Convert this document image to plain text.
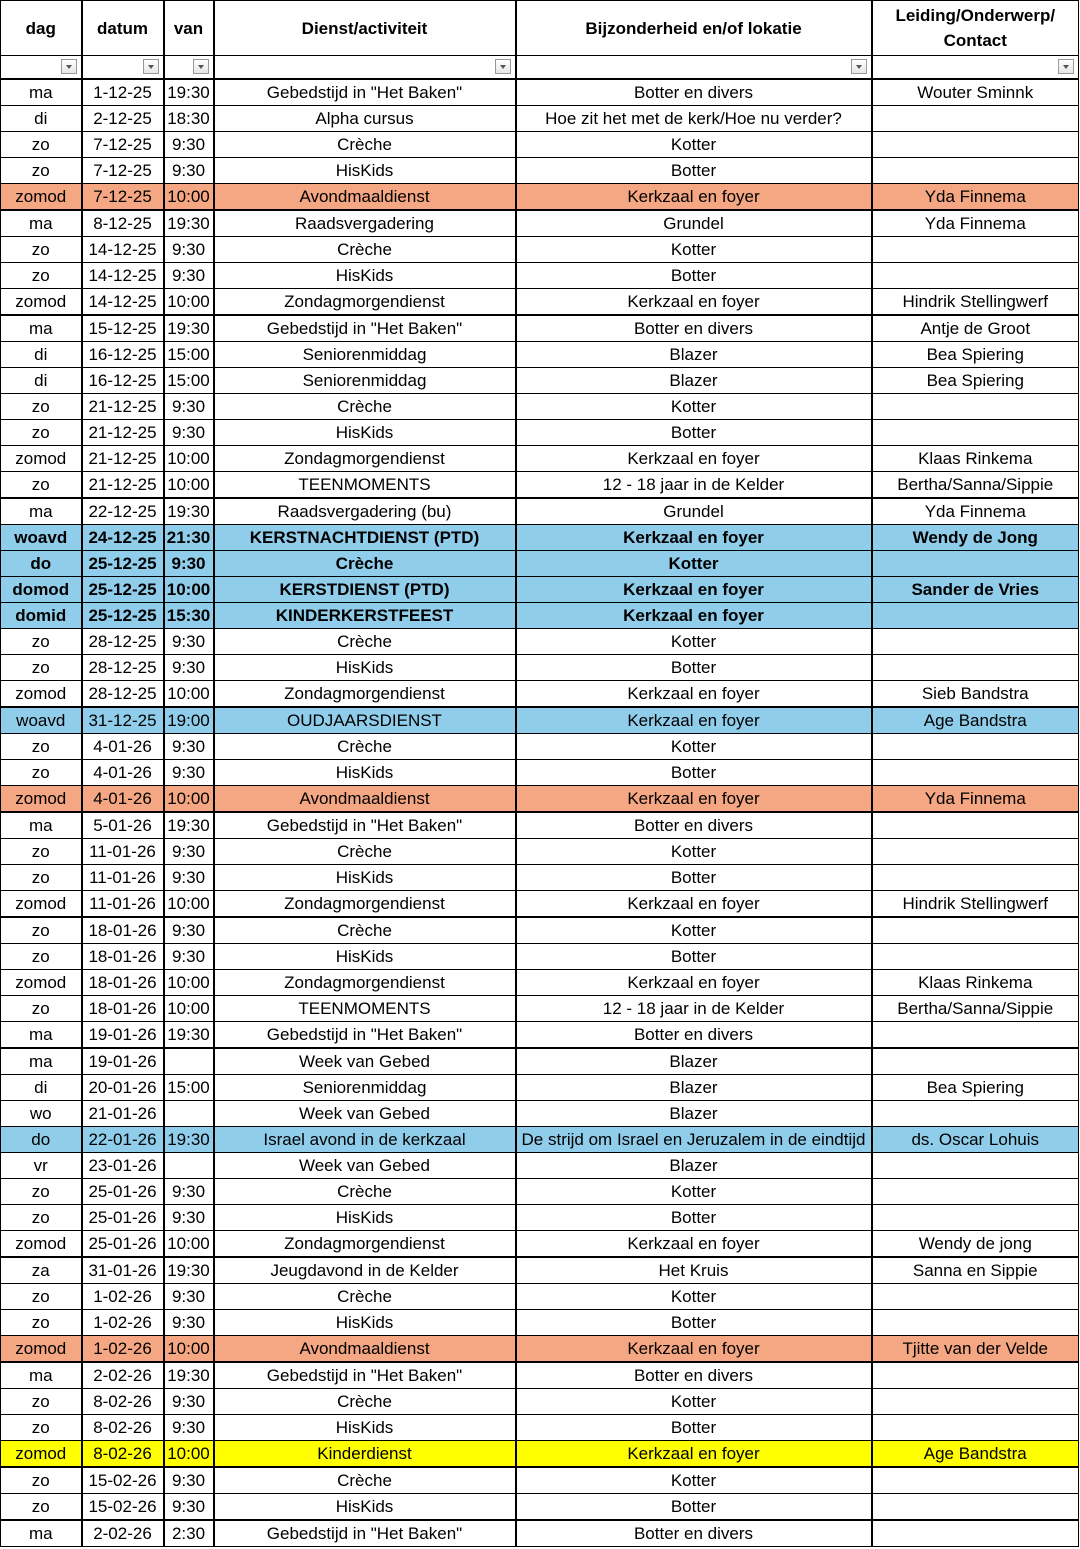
dag	datum	van	Dienst/activiteit	Bijzonderheid en/of lokatie	Leiding/Onderwerp/
Contact

ma	1-12-25	19:30	Gebedstijd in "Het Baken"	Botter en divers	Wouter Sminnk
di	2-12-25	18:30	Alpha cursus	Hoe zit het met de kerk/Hoe nu verder?	
zo	7-12-25	9:30	Crèche	Kotter	
zo	7-12-25	9:30	HisKids	Botter	
zomod	7-12-25	10:00	Avondmaaldienst	Kerkzaal en foyer	Yda Finnema
ma	8-12-25	19:30	Raadsvergadering	Grundel	Yda Finnema
zo	14-12-25	9:30	Crèche	Kotter	
zo	14-12-25	9:30	HisKids	Botter	
zomod	14-12-25	10:00	Zondagmorgendienst	Kerkzaal en foyer	Hindrik Stellingwerf
ma	15-12-25	19:30	Gebedstijd in "Het Baken"	Botter en divers	Antje de Groot
di	16-12-25	15:00	Seniorenmiddag	Blazer	Bea Spiering
di	16-12-25	15:00	Seniorenmiddag	Blazer	Bea Spiering
zo	21-12-25	9:30	Crèche	Kotter	
zo	21-12-25	9:30	HisKids	Botter	
zomod	21-12-25	10:00	Zondagmorgendienst	Kerkzaal en foyer	Klaas Rinkema
zo	21-12-25	10:00	TEENMOMENTS	12 - 18 jaar in de Kelder	Bertha/Sanna/Sippie
ma	22-12-25	19:30	Raadsvergadering (bu)	Grundel	Yda Finnema
woavd	24-12-25	21:30	KERSTNACHTDIENST (PTD)	Kerkzaal en foyer	Wendy de Jong
do	25-12-25	9:30	Crèche	Kotter	
domod	25-12-25	10:00	KERSTDIENST (PTD)	Kerkzaal en foyer	Sander de Vries
domid	25-12-25	15:30	KINDERKERSTFEEST	Kerkzaal en foyer	
zo	28-12-25	9:30	Crèche	Kotter	
zo	28-12-25	9:30	HisKids	Botter	
zomod	28-12-25	10:00	Zondagmorgendienst	Kerkzaal en foyer	Sieb Bandstra
woavd	31-12-25	19:00	OUDJAARSDIENST	Kerkzaal en foyer	Age Bandstra
zo	4-01-26	9:30	Crèche	Kotter	
zo	4-01-26	9:30	HisKids	Botter	
zomod	4-01-26	10:00	Avondmaaldienst	Kerkzaal en foyer	Yda Finnema
ma	5-01-26	19:30	Gebedstijd in "Het Baken"	Botter en divers	
zo	11-01-26	9:30	Crèche	Kotter	
zo	11-01-26	9:30	HisKids	Botter	
zomod	11-01-26	10:00	Zondagmorgendienst	Kerkzaal en foyer	Hindrik Stellingwerf
zo	18-01-26	9:30	Crèche	Kotter	
zo	18-01-26	9:30	HisKids	Botter	
zomod	18-01-26	10:00	Zondagmorgendienst	Kerkzaal en foyer	Klaas Rinkema
zo	18-01-26	10:00	TEENMOMENTS	12 - 18 jaar in de Kelder	Bertha/Sanna/Sippie
ma	19-01-26	19:30	Gebedstijd in "Het Baken"	Botter en divers	
ma	19-01-26		Week van Gebed	Blazer	
di	20-01-26	15:00	Seniorenmiddag	Blazer	Bea Spiering
wo	21-01-26		Week van Gebed	Blazer	
do	22-01-26	19:30	Israel avond in de kerkzaal	De strijd om Israel en Jeruzalem in de eindtijd	ds. Oscar Lohuis
vr	23-01-26		Week van Gebed	Blazer	
zo	25-01-26	9:30	Crèche	Kotter	
zo	25-01-26	9:30	HisKids	Botter	
zomod	25-01-26	10:00	Zondagmorgendienst	Kerkzaal en foyer	Wendy de jong
za	31-01-26	19:30	Jeugdavond in de Kelder	Het Kruis	Sanna en Sippie
zo	1-02-26	9:30	Crèche	Kotter	
zo	1-02-26	9:30	HisKids	Botter	
zomod	1-02-26	10:00	Avondmaaldienst	Kerkzaal en foyer	Tjitte van der Velde
ma	2-02-26	19:30	Gebedstijd in "Het Baken"	Botter en divers	
zo	8-02-26	9:30	Crèche	Kotter	
zo	8-02-26	9:30	HisKids	Botter	
zomod	8-02-26	10:00	Kinderdienst	Kerkzaal en foyer	Age Bandstra
zo	15-02-26	9:30	Crèche	Kotter	
zo	15-02-26	9:30	HisKids	Botter	
ma	2-02-26	2:30	Gebedstijd in "Het Baken"	Botter en divers	
